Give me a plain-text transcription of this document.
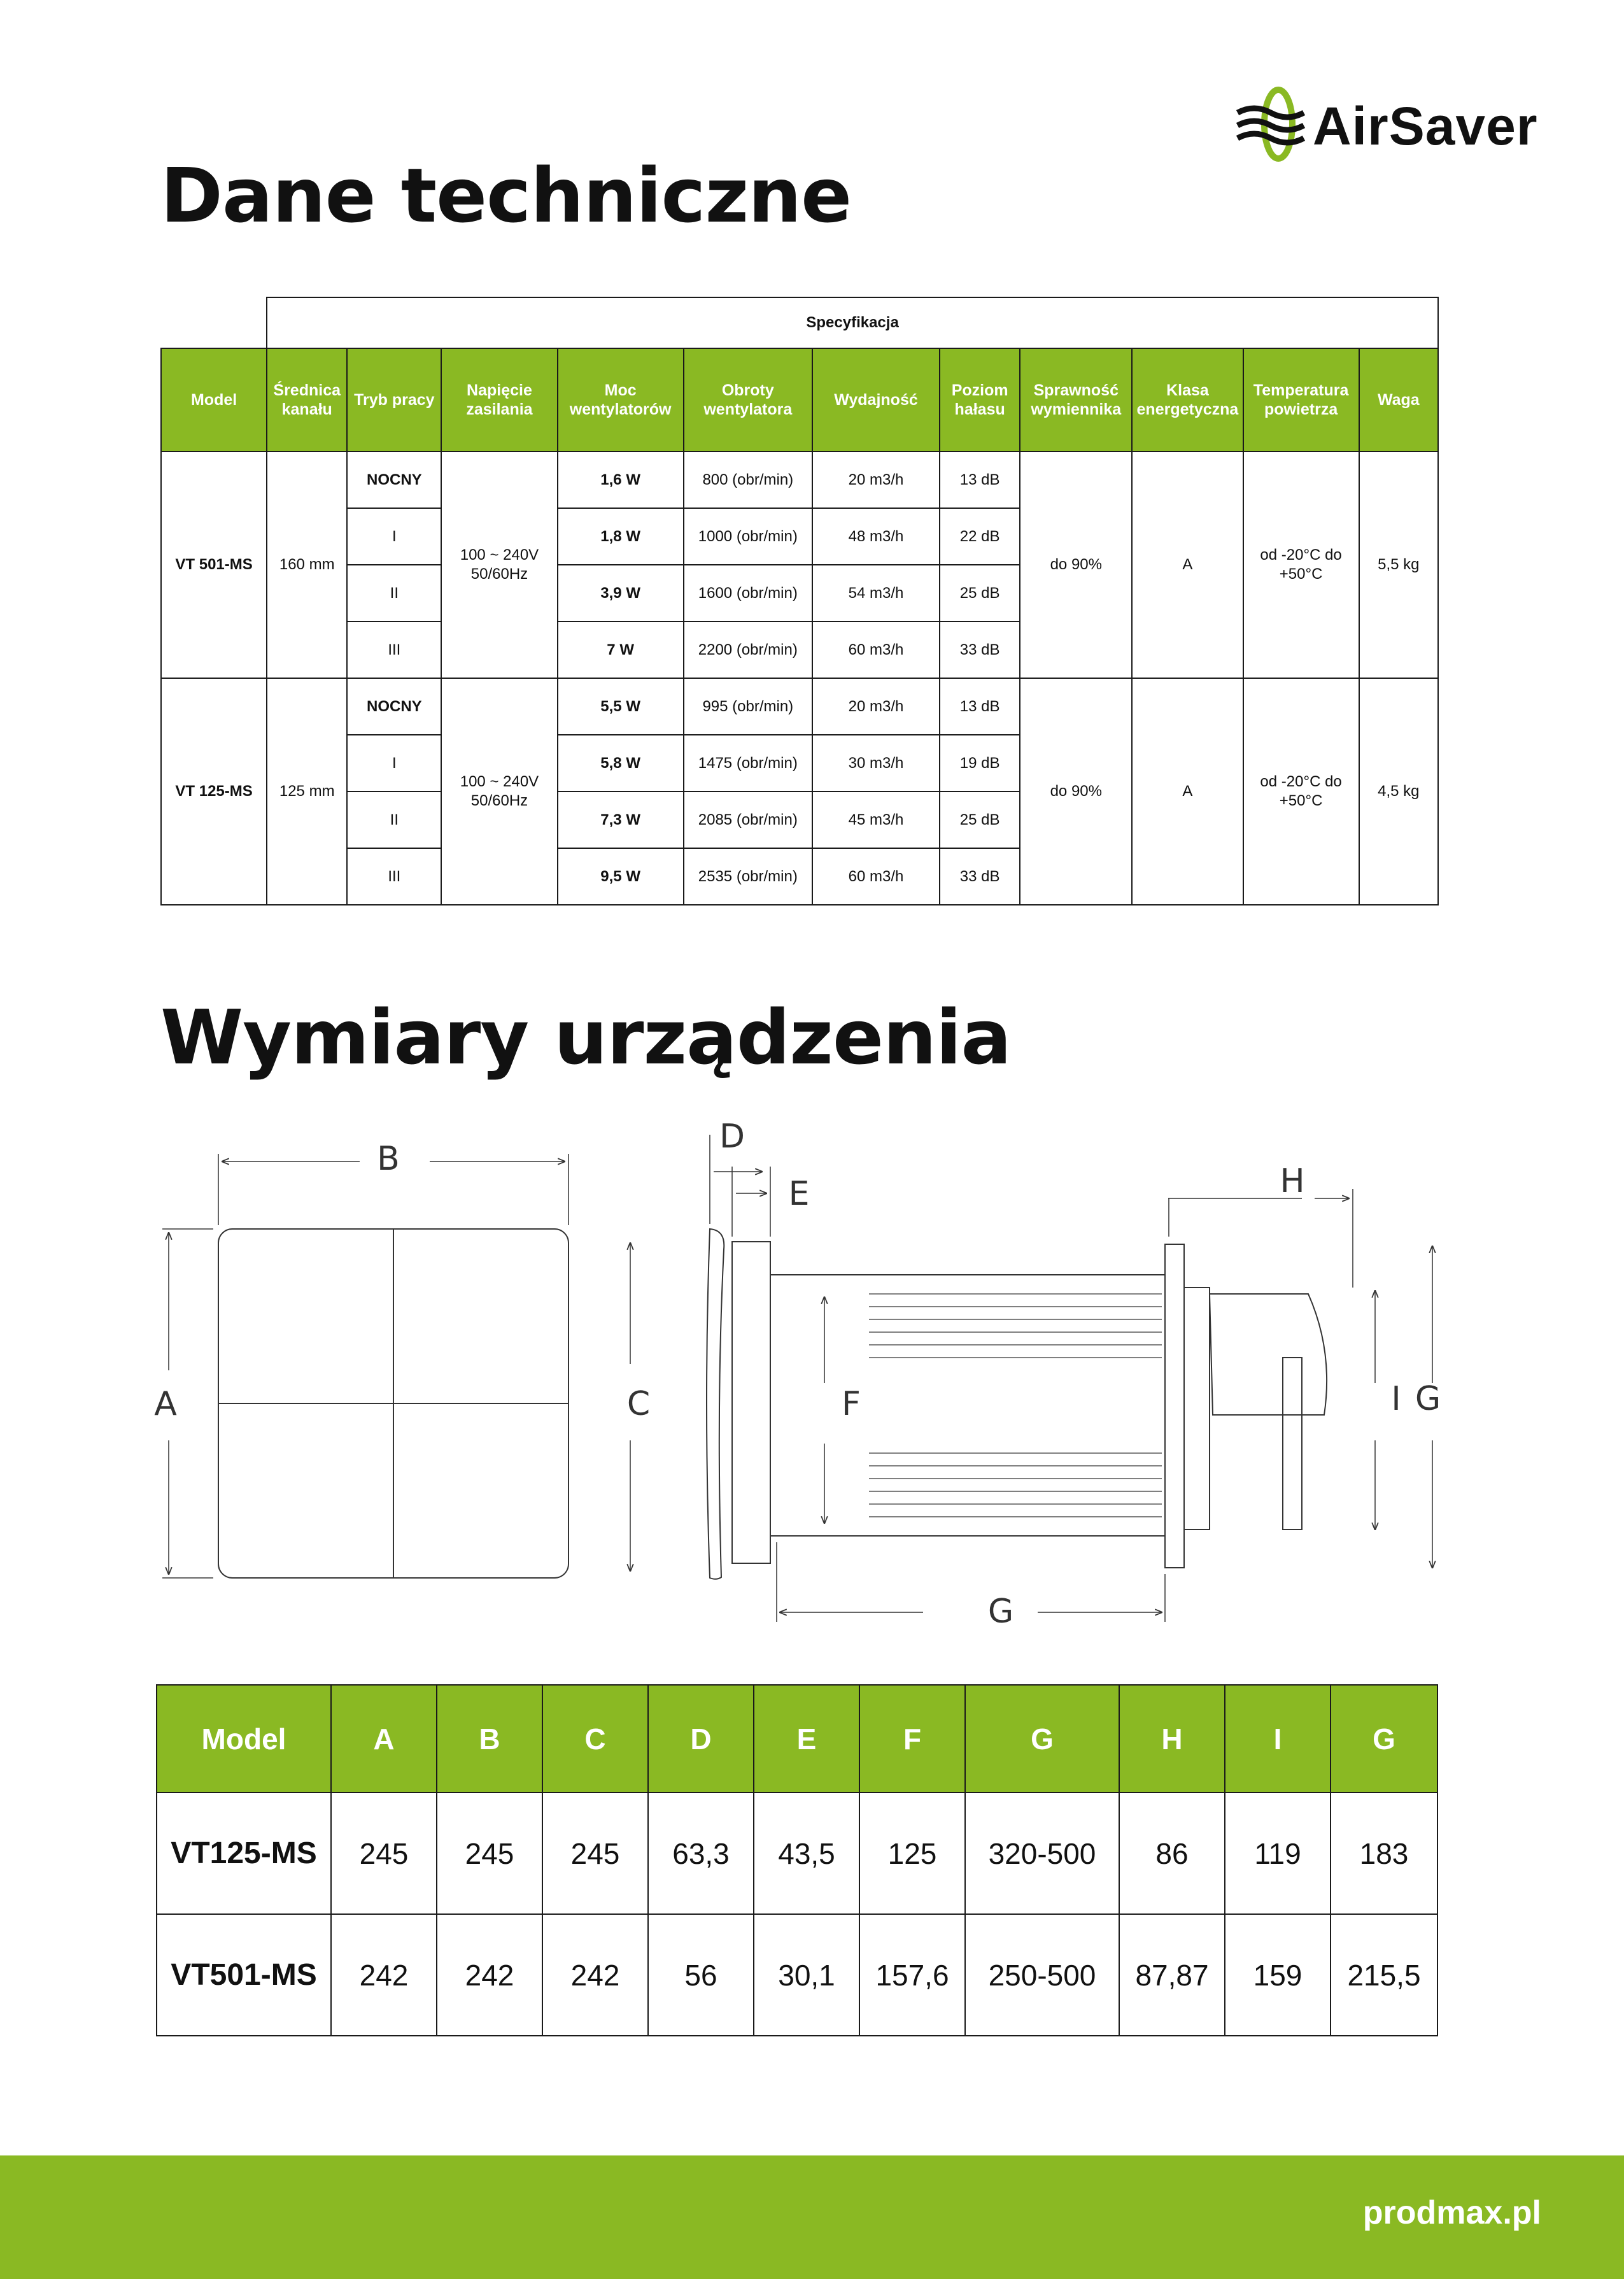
AirSaver
Dane techniczne
	Specyfikacja										
Model	Średnica kanału	Tryb pracy	Napięcie zasilania	Moc wentylatorów	Obroty wentylatora	Wydajność	Poziom hałasu	Sprawność wymiennika	Klasa energetyczna	Temperatura powietrza	Waga
VT 501-MS	160 mm	NOCNY	100 ~ 240V 50/60Hz	1,6 W	800 (obr/min)	20 m3/h	13 dB	do 90%	A	od -20°C do +50°C	5,5 kg
		I		1,8 W	1000 (obr/min)	48 m3/h	22 dB				
		II		3,9 W	1600 (obr/min)	54 m3/h	25 dB				
		III		7 W	2200 (obr/min)	60 m3/h	33 dB				
VT 125-MS	125 mm	NOCNY	100 ~ 240V 50/60Hz	5,5 W	995 (obr/min)	20 m3/h	13 dB	do 90%	A	od -20°C do +50°C	4,5 kg
		I		5,8 W	1475 (obr/min)	30 m3/h	19 dB				
		II		7,3 W	2085 (obr/min)	45 m3/h	25 dB				
		III		9,5 W	2535 (obr/min)	60 m3/h	33 dB				
Wymiary urządzenia
B
A
D
E
C	F
G
H
I G
Model	A	B	C	D	E	F	G	H	I	G
VT125-MS	245	245	245	63,3	43,5	125	320-500	86	119	183
VT501-MS	242	242	242	56	30,1	157,6	250-500	87,87	159	215,5
prodmax.pl
